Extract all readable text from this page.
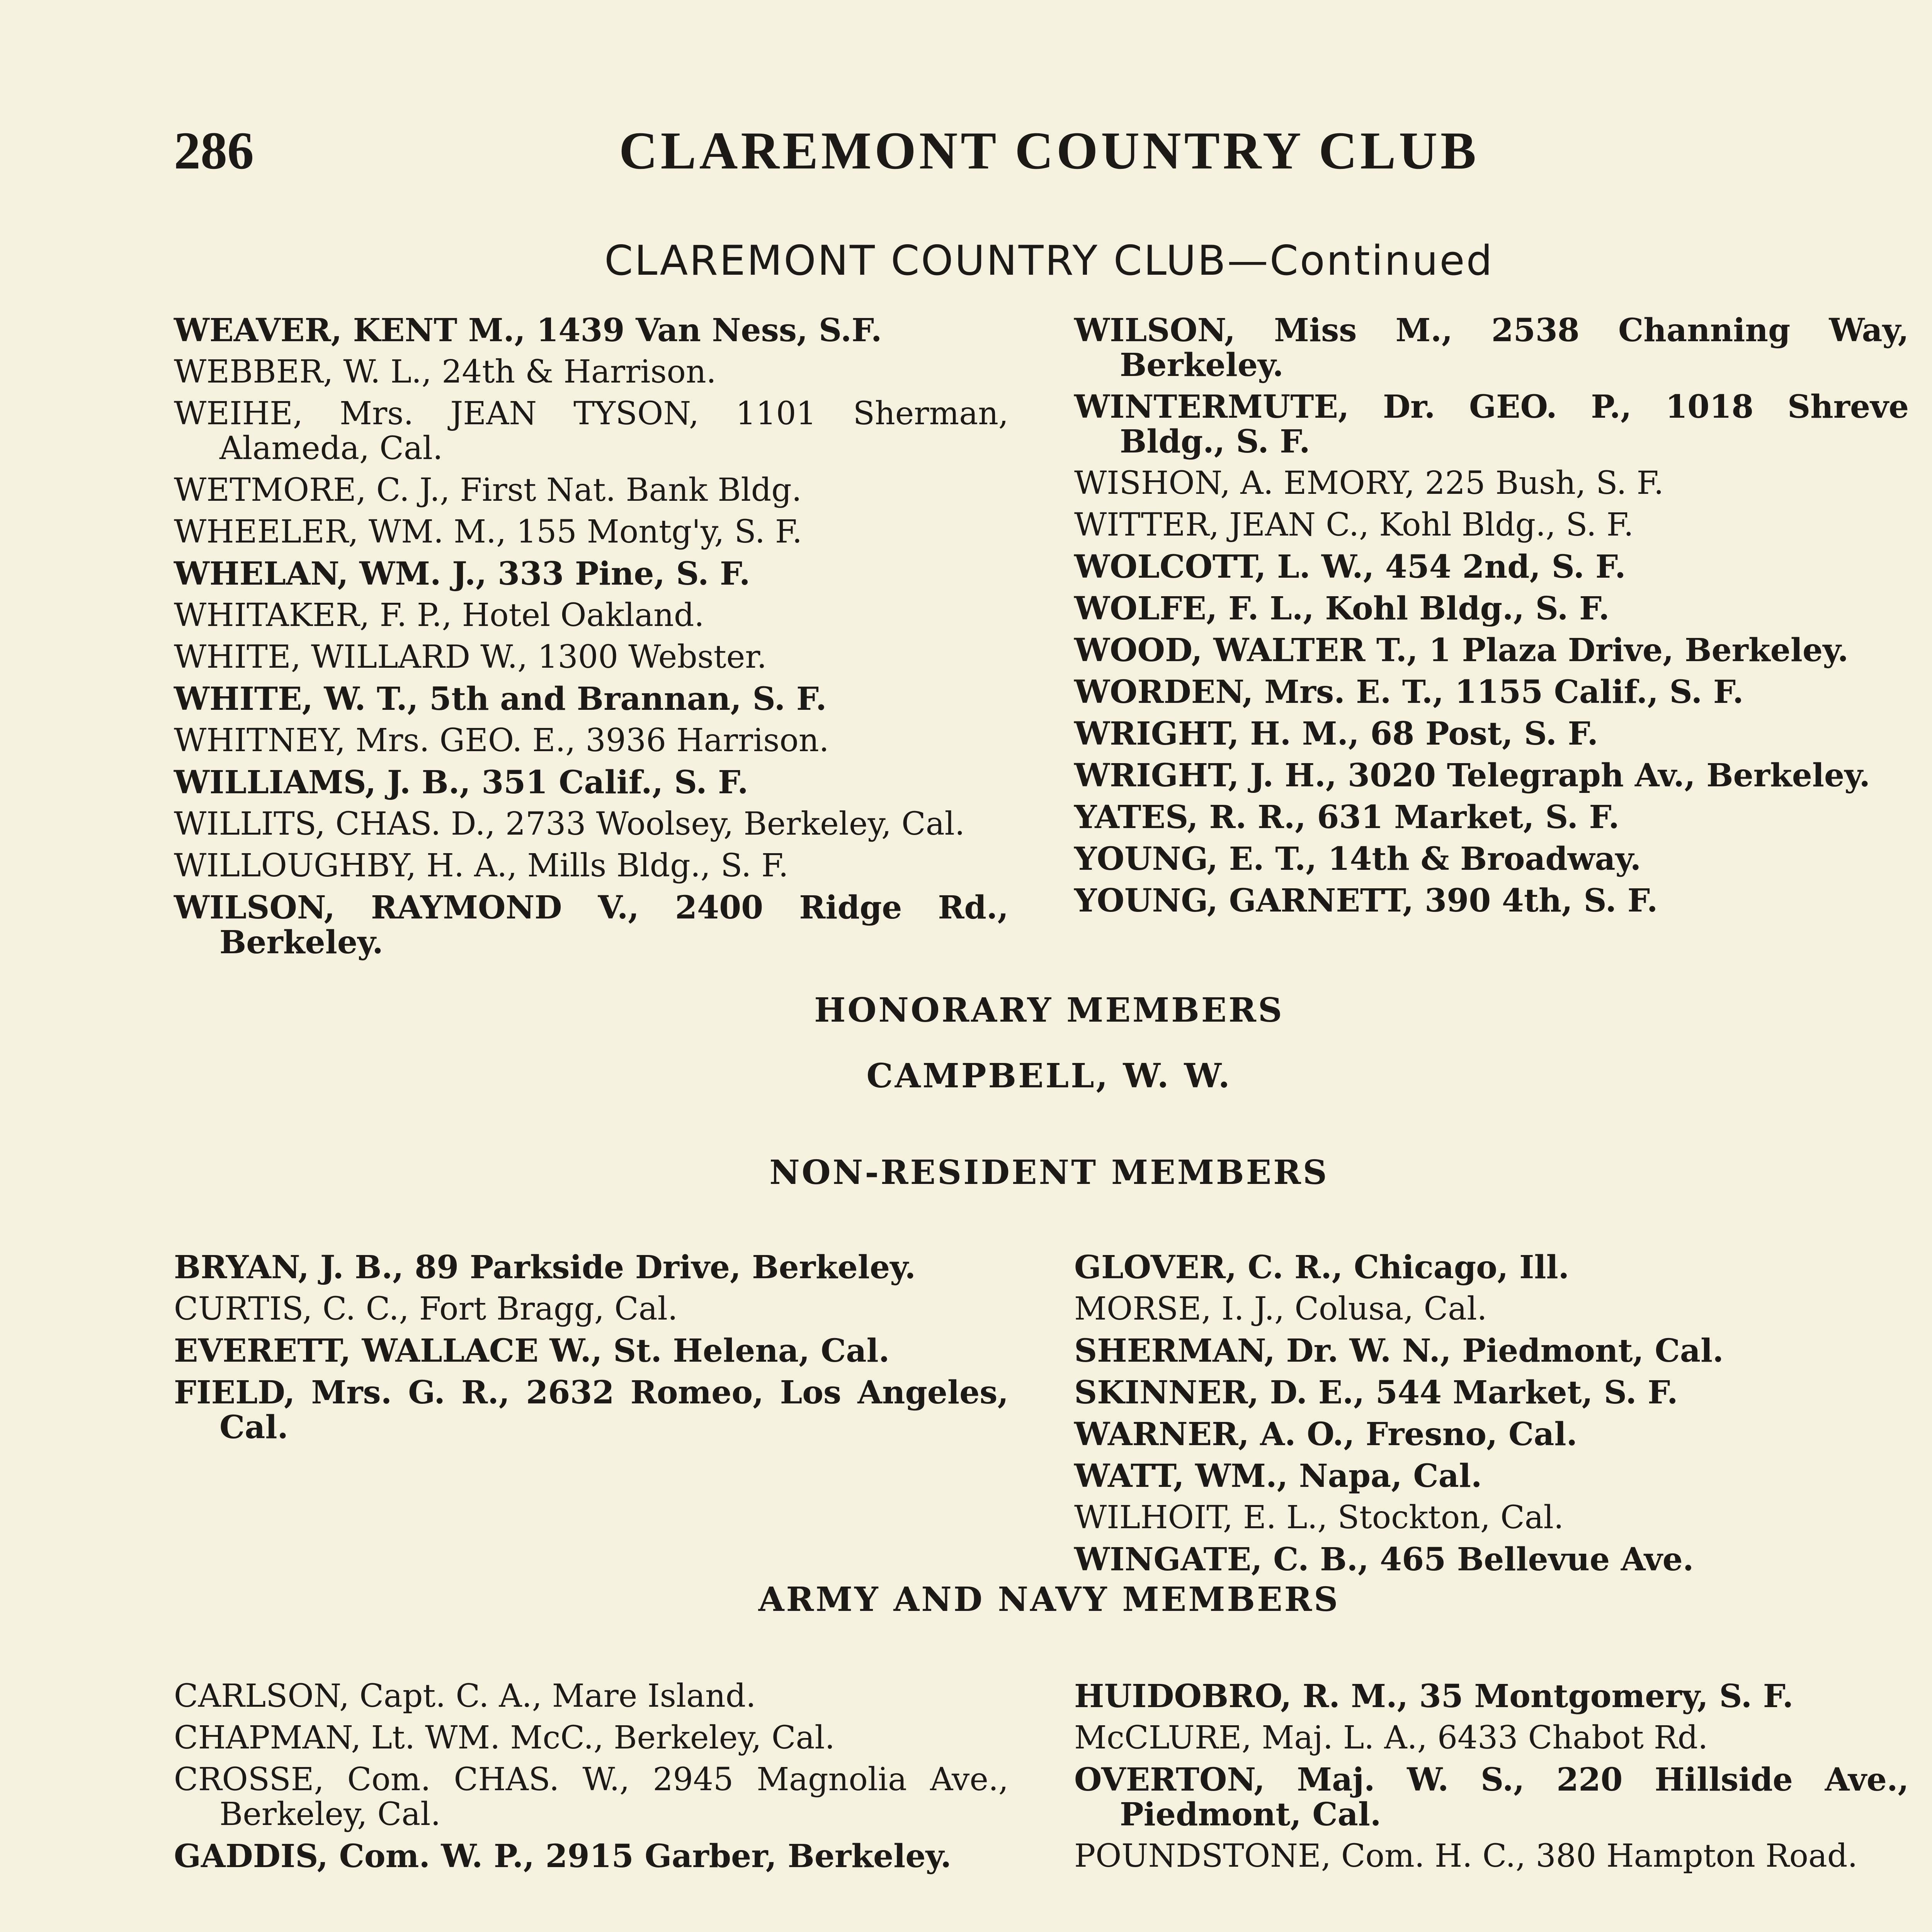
286	CLAREMONT COUNTRY CLUB
CLAREMONT COUNTRY CLUB—Continued
WEAVER, KENT M., 1439 Van Ness, S.F.
WEBBER, W. L., 24th & Harrison.
WEIHE, Mrs. JEAN TYSON, 1101 Sherman, Alameda, Cal.
WETMORE, C. J., First Nat. Bank Bldg.
WHEELER, WM. M., 155 Montg'y, S. F.
WHELAN, WM. J., 333 Pine, S. F.
WHITAKER, F. P., Hotel Oakland.
WHITE, WILLARD W., 1300 Webster.
WHITE, W. T., 5th and Brannan, S. F.
WHITNEY, Mrs. GEO. E., 3936 Harrison.
WILLIAMS, J. B., 351 Calif., S. F.
WILLITS, CHAS. D., 2733 Woolsey, Berkeley, Cal.
WILLOUGHBY, H. A., Mills Bldg., S. F.
WILSON, RAYMOND V., 2400 Ridge Rd., Berkeley.
WILSON, Miss M., 2538 Channing Way, Berkeley.
WINTERMUTE, Dr. GEO. P., 1018 Shreve Bldg., S. F.
WISHON, A. EMORY, 225 Bush, S. F.
WITTER, JEAN C., Kohl Bldg., S. F.
WOLCOTT, L. W., 454 2nd, S. F.
WOLFE, F. L., Kohl Bldg., S. F.
WOOD, WALTER T., 1 Plaza Drive, Berkeley.
WORDEN, Mrs. E. T., 1155 Calif., S. F.
WRIGHT, H. M., 68 Post, S. F.
WRIGHT, J. H., 3020 Telegraph Av., Berkeley.
YATES, R. R., 631 Market, S. F.
YOUNG, E. T., 14th & Broadway.
YOUNG, GARNETT, 390 4th, S. F.
HONORARY MEMBERS
CAMPBELL, W. W.
NON-RESIDENT MEMBERS
BRYAN, J. B., 89 Parkside Drive, Berkeley.
CURTIS, C. C., Fort Bragg, Cal.
EVERETT, WALLACE W., St. Helena, Cal.
FIELD, Mrs. G. R., 2632 Romeo, Los Angeles, Cal.
GLOVER, C. R., Chicago, Ill.
MORSE, I. J., Colusa, Cal.
SHERMAN, Dr. W. N., Piedmont, Cal.
SKINNER, D. E., 544 Market, S. F.
WARNER, A. O., Fresno, Cal.
WATT, WM., Napa, Cal.
WILHOIT, E. L., Stockton, Cal.
WINGATE, C. B., 465 Bellevue Ave.
ARMY AND NAVY MEMBERS
CARLSON, Capt. C. A., Mare Island.
CHAPMAN, Lt. WM. McC., Berkeley, Cal.
CROSSE, Com. CHAS. W., 2945 Magnolia Ave., Berkeley, Cal.
GADDIS, Com. W. P., 2915 Garber, Berkeley.
HUIDOBRO, R. M., 35 Montgomery, S. F.
McCLURE, Maj. L. A., 6433 Chabot Rd.
OVERTON, Maj. W. S., 220 Hillside Ave., Piedmont, Cal.
POUNDSTONE, Com. H. C., 380 Hampton Road.
